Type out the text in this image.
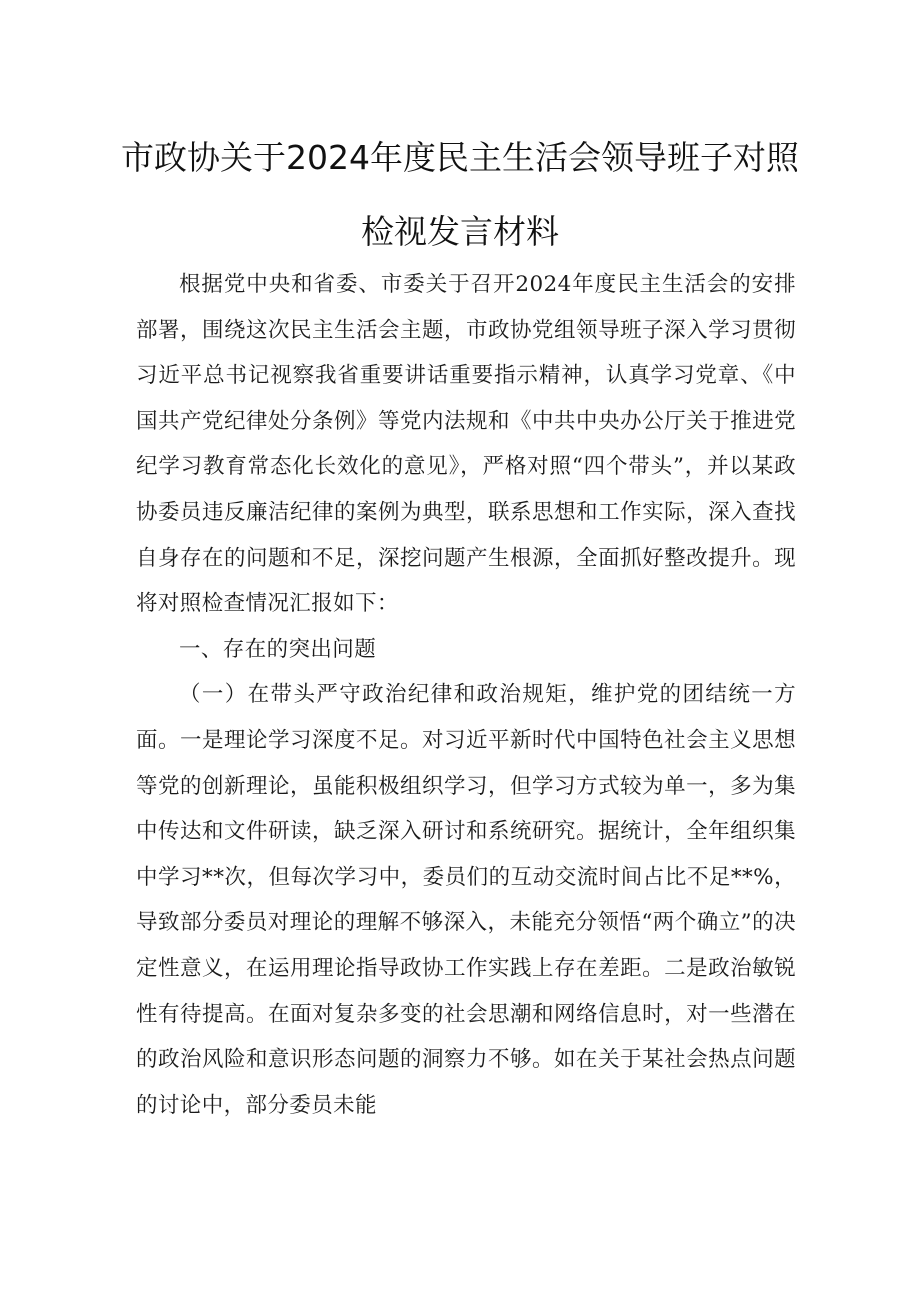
市政协关于2024年度民主生活会领导班子对照
检视发言材料

根据党中央和省委、市委关于召开2024年度民主生活会的安排部署，围绕这次民主生活会主题，市政协党组领导班子深入学习贯彻习近平总书记视察我省重要讲话重要指示精神，认真学习党章、《中国共产党纪律处分条例》等党内法规和《中共中央办公厅关于推进党纪学习教育常态化长效化的意见》，严格对照“四个带头”，并以某政协委员违反廉洁纪律的案例为典型，联系思想和工作实际，深入查找自身存在的问题和不足，深挖问题产生根源，全面抓好整改提升。现将对照检查情况汇报如下：

一、存在的突出问题

（一）在带头严守政治纪律和政治规矩，维护党的团结统一方面。一是理论学习深度不足。对习近平新时代中国特色社会主义思想等党的创新理论，虽能积极组织学习，但学习方式较为单一，多为集中传达和文件研读，缺乏深入研讨和系统研究。据统计，全年组织集中学习**次，但每次学习中，委员们的互动交流时间占比不足**%，导致部分委员对理论的理解不够深入，未能充分领悟“两个确立”的决定性意义，在运用理论指导政协工作实践上存在差距。二是政治敏锐性有待提高。在面对复杂多变的社会思潮和网络信息时，对一些潜在的政治风险和意识形态问题的洞察力不够。如在关于某社会热点问题的讨论中，部分委员未能
